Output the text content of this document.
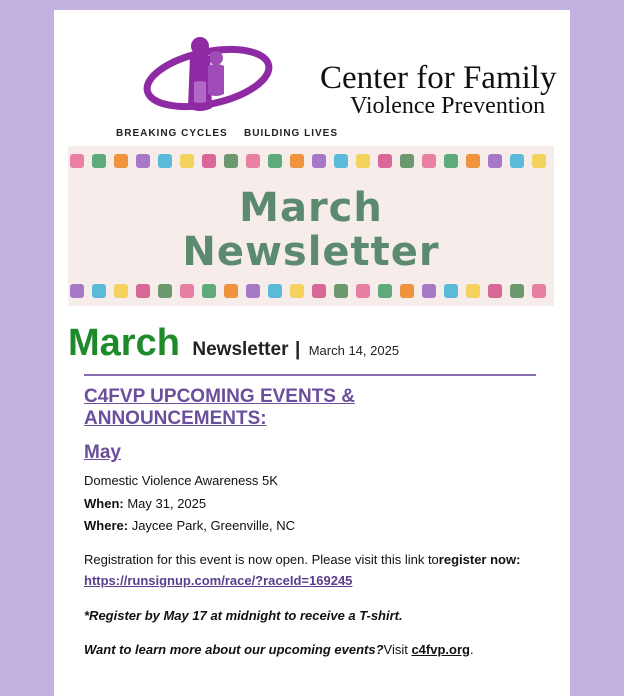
Center for Family
Violence Prevention
BREAKING CYCLES BUILDING LIVES
March
Newsletter
March Newsletter | March 14, 2025
C4FVP UPCOMING EVENTS & ANNOUNCEMENTS:
May
Domestic Violence Awareness 5K
When: May 31, 2025
Where: Jaycee Park, Greenville, NC
Registration for this event is now open. Please visit this link toregister now:
https://runsignup.com/race/?raceId=169245
*Register by May 17 at midnight to receive a T-shirt.
Want to learn more about our upcoming events?Visit c4fvp.org.
